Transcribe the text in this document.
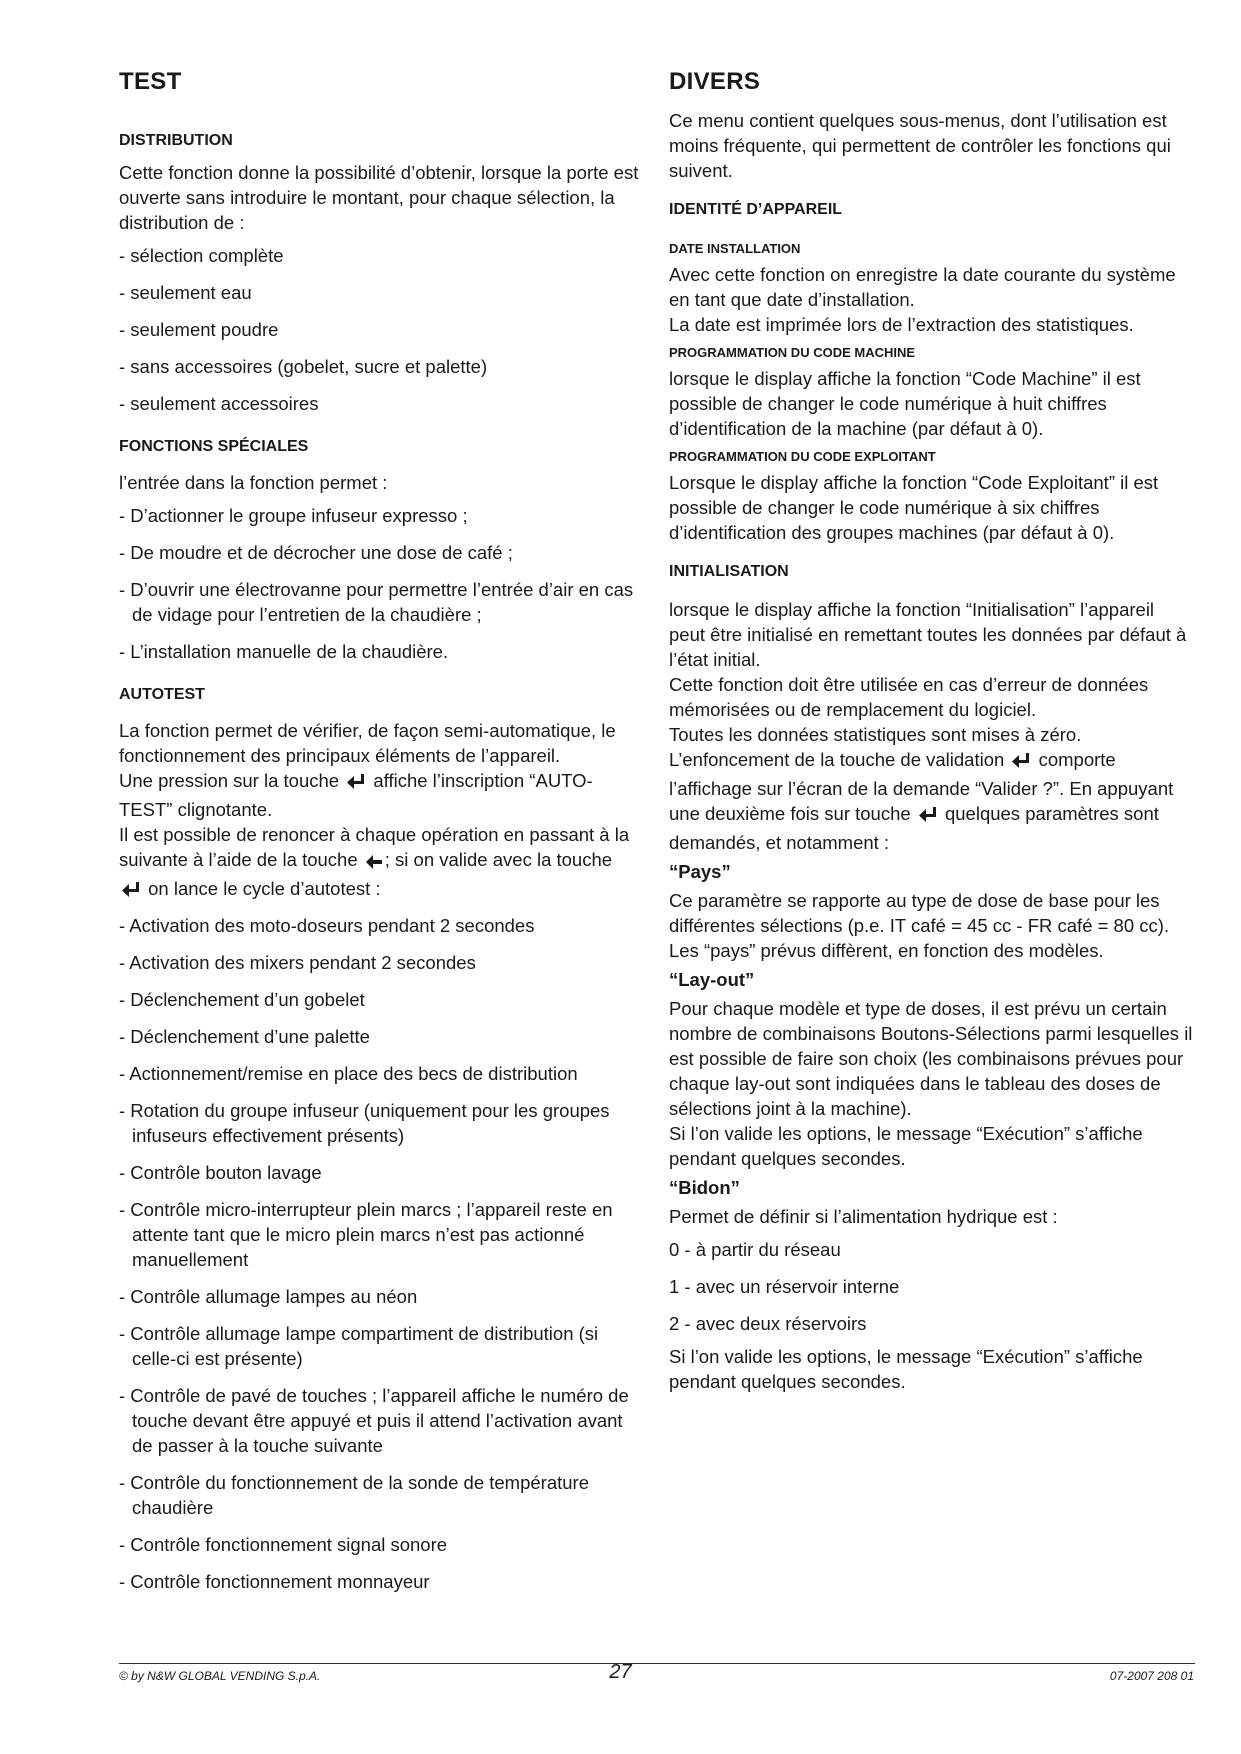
TEST
DISTRIBUTION

Cette fonction donne la possibilité d’obtenir, lorsque la porte est ouverte sans introduire le montant, pour chaque sélection, la distribution de :

- sélection complète
- seulement eau
- seulement poudre
- sans accessoires (gobelet, sucre et palette)
- seulement accessoires
FONCTIONS SPÉCIALES

l’entrée dans la fonction permet :

- D’actionner le groupe infuseur expresso ;
- De moudre et de décrocher une dose de café ;
- D’ouvrir une électrovanne pour permettre l’entrée d’air en cas de vidage pour l’entretien de la chaudière ;
- L’installation manuelle de la chaudière.
AUTOTEST

La fonction permet de vérifier, de façon semi-automatique, le fonctionnement des principaux éléments de l’appareil.

Une pression sur la touche affiche l’inscription “AUTO-TEST” clignotante.

Il est possible de renoncer à chaque opération en passant à la suivante à l’aide de la touche ; si on valide avec la touche  on lance le cycle d’autotest :

- Activation des moto-doseurs pendant 2 secondes
- Activation des mixers pendant 2 secondes
- Déclenchement d’un gobelet
- Déclenchement d’une palette
- Actionnement/remise en place des becs de distribution
- Rotation du groupe infuseur (uniquement pour les groupes infuseurs effectivement présents)
- Contrôle bouton lavage
- Contrôle micro-interrupteur plein marcs ; l’appareil reste en attente tant que le micro plein marcs n’est pas actionné manuellement
- Contrôle allumage lampes au néon
- Contrôle allumage lampe compartiment de distribution (si celle-ci est présente)
- Contrôle de pavé de touches ; l’appareil affiche le numéro de touche devant être appuyé et puis il attend l’activation avant de passer à la touche suivante
- Contrôle du fonctionnement de la sonde de température chaudière
- Contrôle fonctionnement signal sonore
- Contrôle fonctionnement monnayeur
DIVERS

Ce menu contient quelques sous-menus, dont l’utilisation est moins fréquente, qui permettent de contrôler les fonctions qui suivent.

IDENTITÉ D’APPAREIL
DATE INSTALLATION

Avec cette fonction on enregistre la date courante du système en tant que date d’installation.

La date est imprimée lors de l’extraction des statistiques.

PROGRAMMATION DU CODE MACHINE

lorsque le display affiche la fonction “Code Machine” il est possible de changer le code numérique à huit chiffres d’identification de la machine (par défaut à 0).

PROGRAMMATION DU CODE EXPLOITANT

Lorsque le display affiche la fonction “Code Exploitant” il est possible de changer le code numérique à six chiffres d’identification des groupes machines (par défaut à 0).

INITIALISATION

lorsque le display affiche la fonction “Initialisation” l’appareil peut être initialisé en remettant toutes les données par défaut à l’état initial.

Cette fonction doit être utilisée en cas d’erreur de données mémorisées ou de remplacement du logiciel.

Toutes les données statistiques sont mises à zéro.

L’enfoncement de la touche de validation comporte l’affichage sur l’écran de la demande “Valider ?”. En appuyant une deuxième fois sur touche quelques paramètres sont demandés, et notamment :

“Pays”

Ce paramètre se rapporte au type de dose de base pour les différentes sélections (p.e. IT café = 45 cc - FR café = 80 cc).

Les “pays” prévus diffèrent, en fonction des modèles.

“Lay-out”

Pour chaque modèle et type de doses, il est prévu un certain nombre de combinaisons Boutons-Sélections parmi lesquelles il est possible de faire son choix (les combinaisons prévues pour chaque lay-out sont indiquées dans le tableau des doses de sélections joint à la machine).

Si l’on valide les options, le message “Exécution” s’affiche pendant quelques secondes.

“Bidon”

Permet de définir si l’alimentation hydrique est :

0 - à partir du réseau
1 - avec un réservoir interne
2 - avec deux réservoirs

Si l’on valide les options, le message “Exécution” s’affiche pendant quelques secondes.

© by N&W GLOBAL VENDING S.p.A.	27	07-2007 208 01
